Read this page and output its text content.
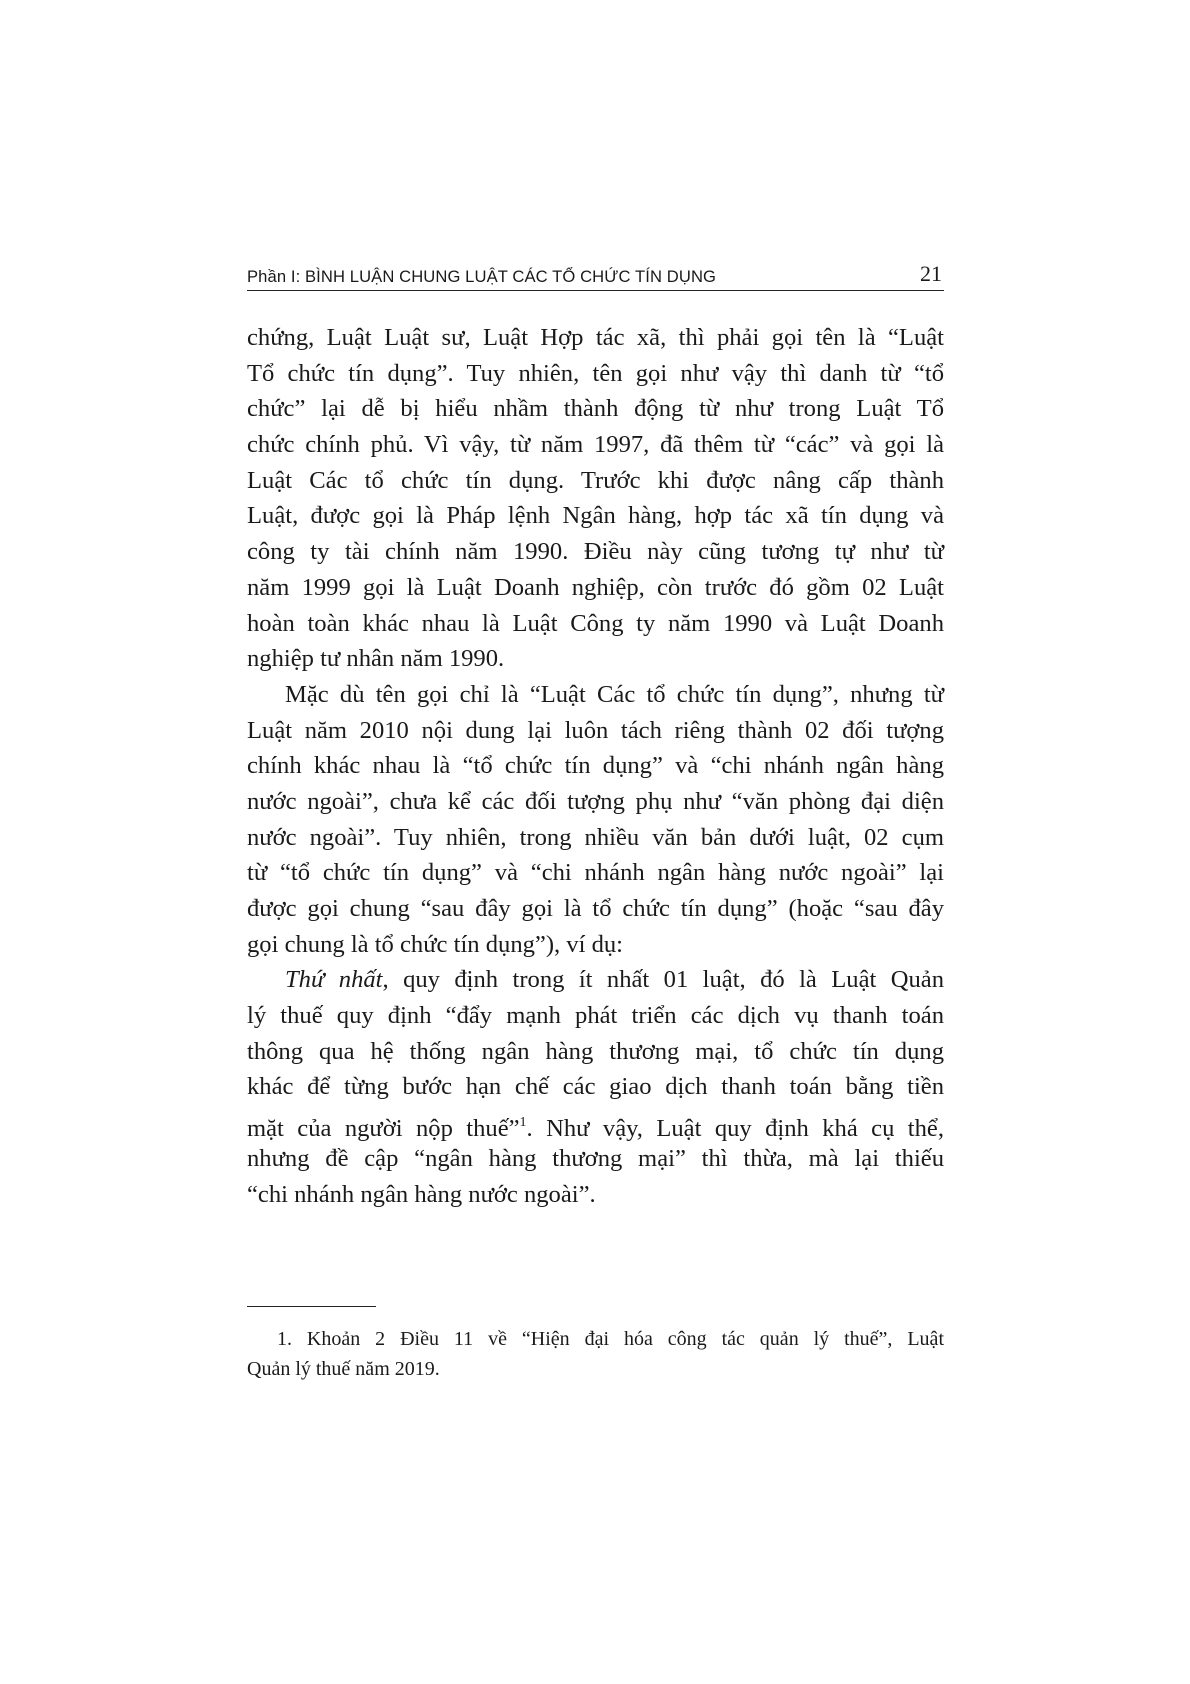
Phần I: BÌNH LUẬN CHUNG LUẬT CÁC TỔ CHỨC TÍN DỤNG	21
chứng, Luật Luật sư, Luật Hợp tác xã, thì phải gọi tên là “Luật
Tổ chức tín dụng”. Tuy nhiên, tên gọi như vậy thì danh từ “tổ
chức” lại dễ bị hiểu nhầm thành động từ như trong Luật Tổ
chức chính phủ. Vì vậy, từ năm 1997, đã thêm từ “các” và gọi là
Luật Các tổ chức tín dụng. Trước khi được nâng cấp thành
Luật, được gọi là Pháp lệnh Ngân hàng, hợp tác xã tín dụng và
công ty tài chính năm 1990. Điều này cũng tương tự như từ
năm 1999 gọi là Luật Doanh nghiệp, còn trước đó gồm 02 Luật
hoàn toàn khác nhau là Luật Công ty năm 1990 và Luật Doanh
nghiệp tư nhân năm 1990.
Mặc dù tên gọi chỉ là “Luật Các tổ chức tín dụng”, nhưng từ
Luật năm 2010 nội dung lại luôn tách riêng thành 02 đối tượng
chính khác nhau là “tổ chức tín dụng” và “chi nhánh ngân hàng
nước ngoài”, chưa kể các đối tượng phụ như “văn phòng đại diện
nước ngoài”. Tuy nhiên, trong nhiều văn bản dưới luật, 02 cụm
từ “tổ chức tín dụng” và “chi nhánh ngân hàng nước ngoài” lại
được gọi chung “sau đây gọi là tổ chức tín dụng” (hoặc “sau đây
gọi chung là tổ chức tín dụng”), ví dụ:
Thứ nhất, quy định trong ít nhất 01 luật, đó là Luật Quản
lý thuế quy định “đẩy mạnh phát triển các dịch vụ thanh toán
thông qua hệ thống ngân hàng thương mại, tổ chức tín dụng
khác để từng bước hạn chế các giao dịch thanh toán bằng tiền
mặt của người nộp thuế”$^1$. Như vậy, Luật quy định khá cụ thể,
nhưng đề cập “ngân hàng thương mại” thì thừa, mà lại thiếu
“chi nhánh ngân hàng nước ngoài”.
1. Khoản 2 Điều 11 về “Hiện đại hóa công tác quản lý thuế”, Luật
Quản lý thuế năm 2019.
